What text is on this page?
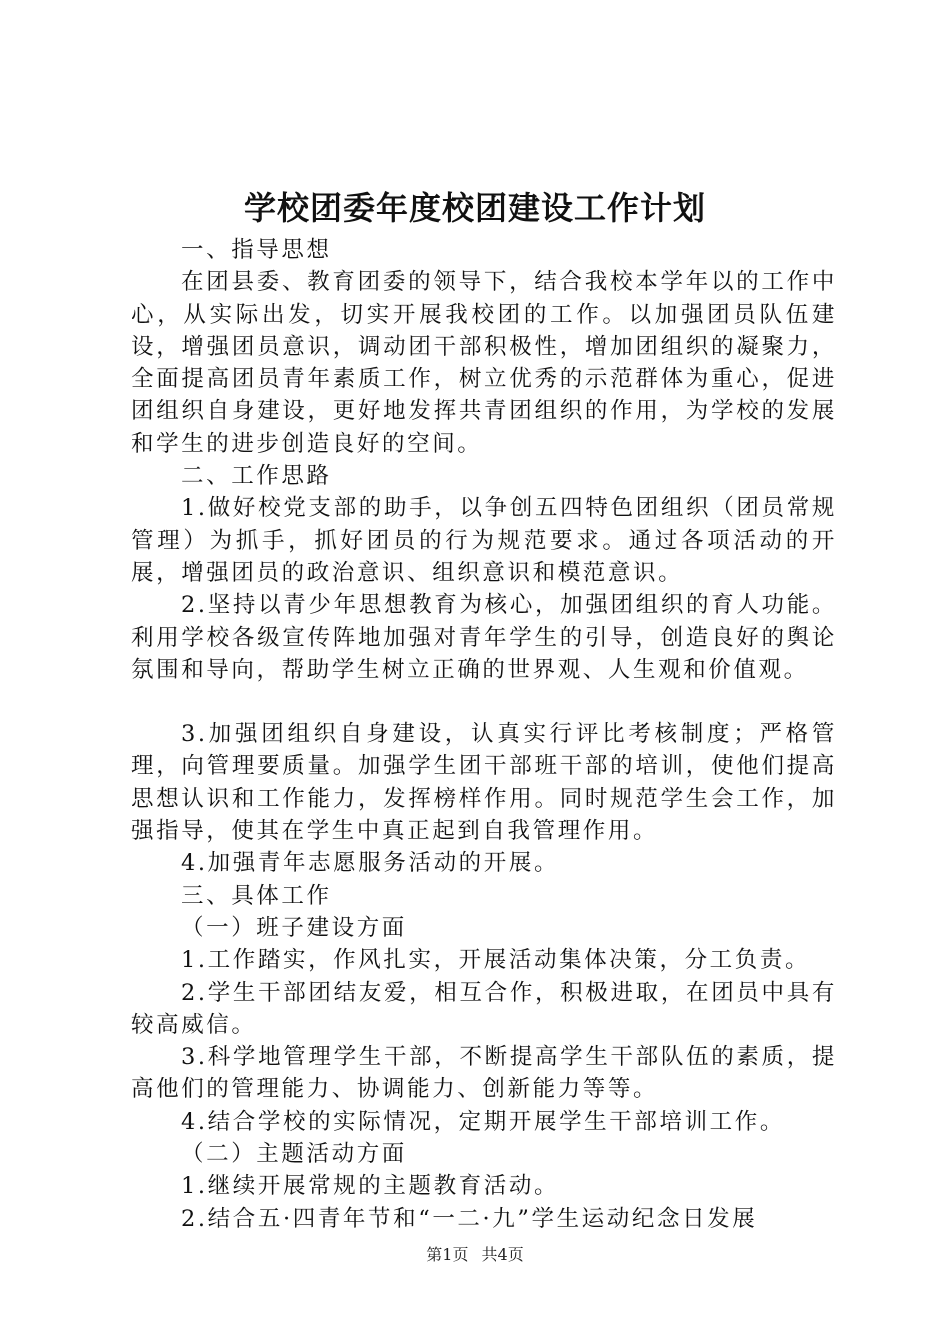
学校团委年度校团建设工作计划

一、指导思想

在团县委、教育团委的领导下，结合我校本学年以的工作中心，从实际出发，切实开展我校团的工作。以加强团员队伍建设，增强团员意识，调动团干部积极性，增加团组织的凝聚力，全面提高团员青年素质工作，树立优秀的示范群体为重心，促进团组织自身建设，更好地发挥共青团组织的作用，为学校的发展和学生的进步创造良好的空间。

二、工作思路

1.做好校党支部的助手，以争创五四特色团组织（团员常规管理）为抓手，抓好团员的行为规范要求。通过各项活动的开展，增强团员的政治意识、组织意识和模范意识。

2.坚持以青少年思想教育为核心，加强团组织的育人功能。利用学校各级宣传阵地加强对青年学生的引导，创造良好的舆论氛围和导向，帮助学生树立正确的世界观、人生观和价值观。

3.加强团组织自身建设，认真实行评比考核制度；严格管理，向管理要质量。加强学生团干部班干部的培训，使他们提高思想认识和工作能力，发挥榜样作用。同时规范学生会工作，加强指导，使其在学生中真正起到自我管理作用。

4.加强青年志愿服务活动的开展。

三、具体工作

（一）班子建设方面

1.工作踏实，作风扎实，开展活动集体决策，分工负责。

2.学生干部团结友爱，相互合作，积极进取，在团员中具有较高威信。

3.科学地管理学生干部，不断提高学生干部队伍的素质，提高他们的管理能力、协调能力、创新能力等等。

4.结合学校的实际情况，定期开展学生干部培训工作。

（二）主题活动方面

1.继续开展常规的主题教育活动。

2.结合五·四青年节和“一二·九”学生运动纪念日发展

第1页 共4页
